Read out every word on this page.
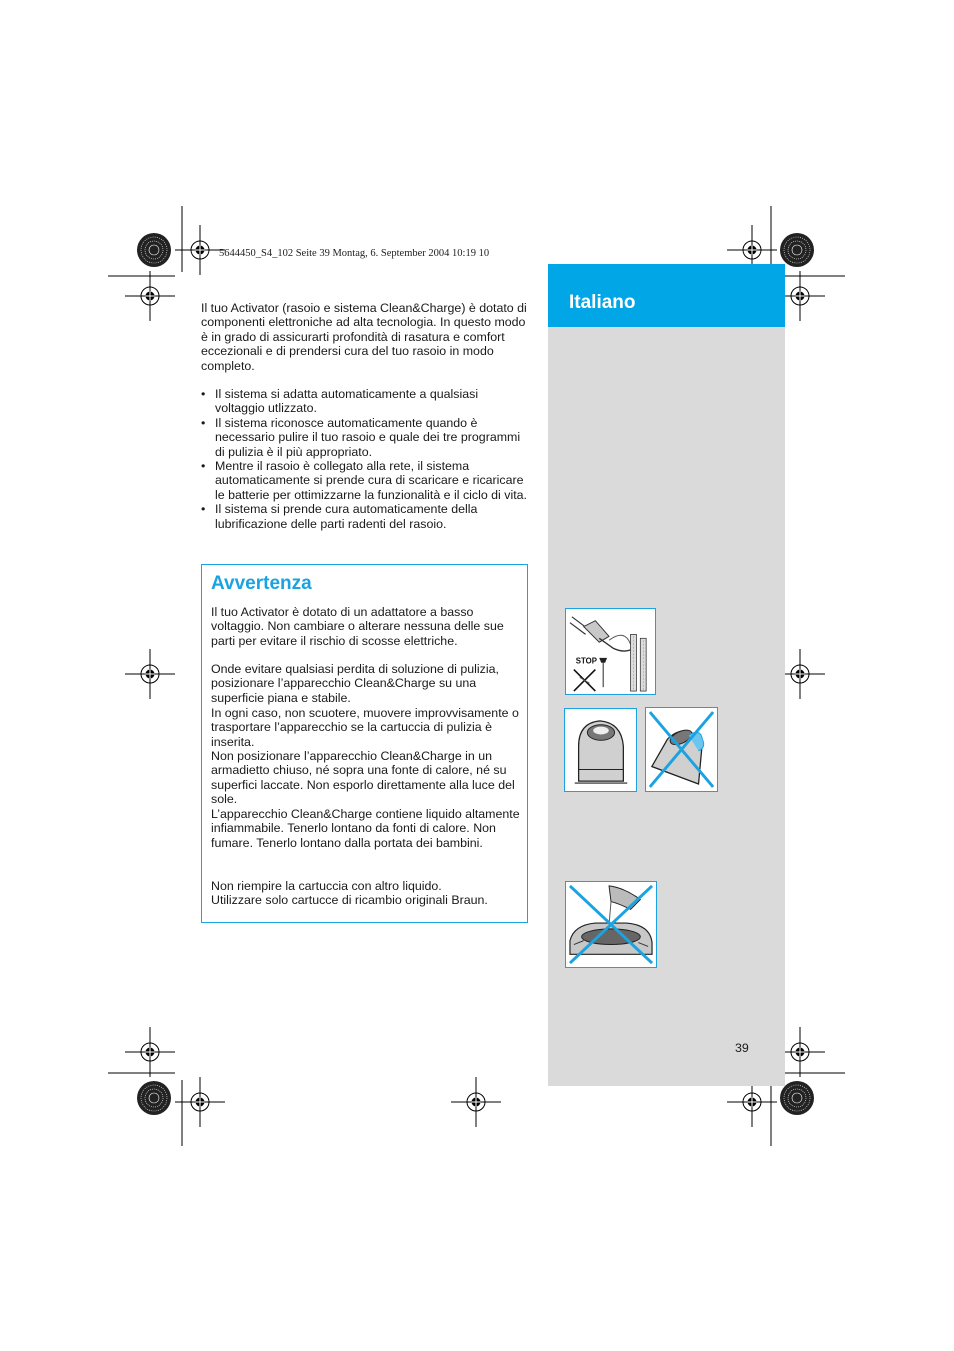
5644450_S4_102 Seite 39 Montag, 6. September 2004 10:19 10

Il tuo Activator (rasoio e sistema Clean&Charge) è dotato di componenti elettroniche ad alta tecnologia. In questo modo è in grado di assicurarti profondità di rasatura e comfort eccezionali e di prendersi cura del tuo rasoio in modo completo.

• Il sistema si adatta automaticamente a qualsiasi voltaggio utlizzato.
• Il sistema riconosce automaticamente quando è necessario pulire il tuo rasoio e quale dei tre programmi di pulizia è il più appropriato.
• Mentre il rasoio è collegato alla rete, il sistema automaticamente si prende cura di scaricare e ricaricare le batterie per ottimizzarne la funzionalità e il ciclo di vita.
• Il sistema si prende cura automaticamente della lubrificazione delle parti radenti del rasoio.
Avvertenza

Il tuo Activator è dotato di un adattatore a basso voltaggio. Non cambiare o alterare nessuna delle sue parti per evitare il rischio di scosse elettriche.

Onde evitare qualsiasi perdita di soluzione di pulizia, posizionare l’apparecchio Clean&Charge su una superficie piana e stabile.

In ogni caso, non scuotere, muovere improvvisamente o trasportare l’apparecchio se la cartuccia di pulizia è inserita.

Non posizionare l’apparecchio Clean&Charge in un armadietto chiuso, né sopra una fonte di calore, né su superfici laccate. Non esporlo direttamente alla luce del sole.

L’apparecchio Clean&Charge contiene liquido altamente infiammabile. Tenerlo lontano da fonti di calore. Non fumare. Tenerlo lontano dalla portata dei bambini.

Non riempire la cartuccia con altro liquido.

Utilizzare solo cartucce di ricambio originali Braun.

Italiano
STOP
39
